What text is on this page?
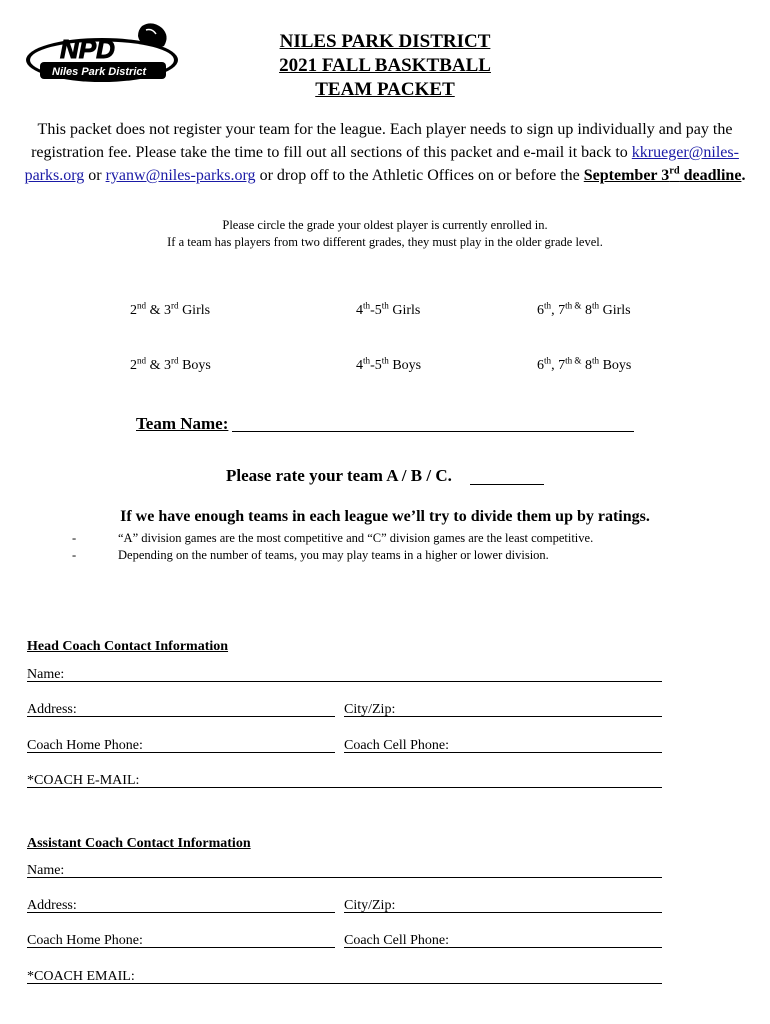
NPD
Niles Park District
NILES PARK DISTRICT
2021 FALL BASKTBALL
TEAM PACKET
This packet does not register your team for the league. Each player needs to sign up individually and pay the registration fee. Please take the time to fill out all sections of this packet and e-mail it back to kkrueger@niles-parks.org or ryanw@niles-parks.org or drop off to the Athletic Offices on or before the September 3rd deadline.
Please circle the grade your oldest player is currently enrolled in.
If a team has players from two different grades, they must play in the older grade level.
2nd & 3rd Girls	4th-5th Girls	6th, $7^{th \&}$ 8th Girls
2nd & 3rd Boys	4th-5th Boys	6th, $7^{th \&}$ 8th Boys
Team Name:
Please rate your team A / B / C.
If we have enough teams in each league we’ll try to divide them up by ratings.
-	“A” division games are the most competitive and “C” division games are the least competitive.
-	Depending on the number of teams, you may play teams in a higher or lower division.
Head Coach Contact Information
Name:
Address:	City/Zip:
Coach Home Phone:	Coach Cell Phone:
*COACH E-MAIL:
Assistant Coach Contact Information
Name:
Address:	City/Zip:
Coach Home Phone:	Coach Cell Phone:
*COACH EMAIL:
